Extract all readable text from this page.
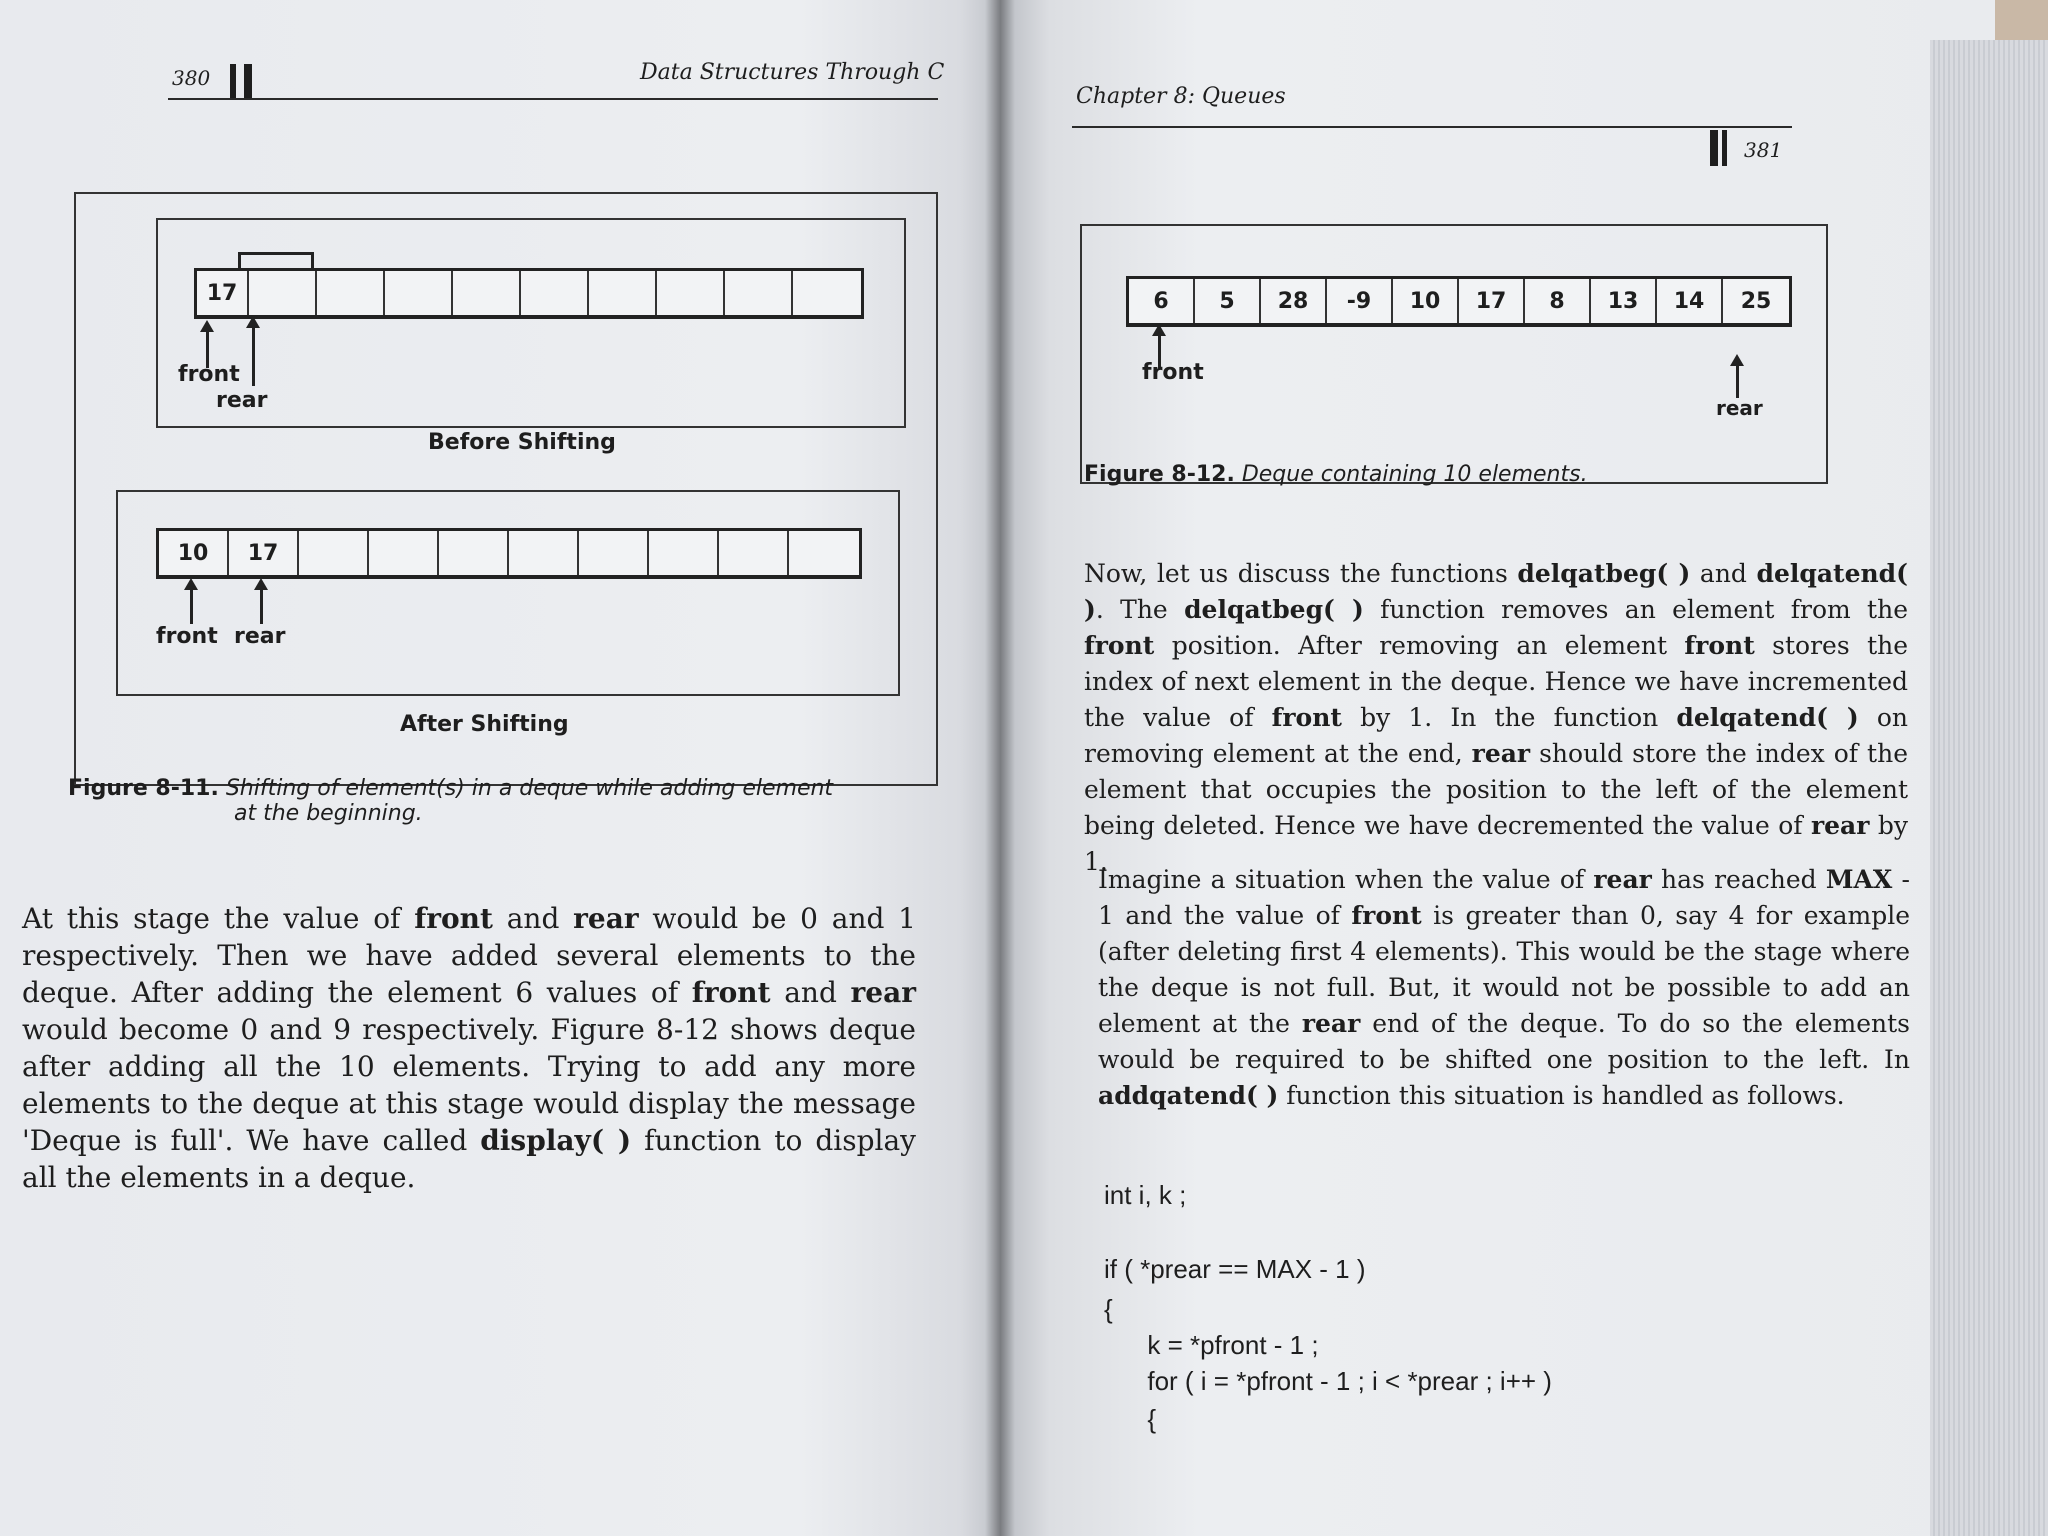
380	Data Structures Through C
17
front
rear
Before Shifting
10	17
front rear
After Shifting
Figure 8-11. Shifting of element(s) in a deque while adding element
at the beginning.
At this stage the value of front and rear would be 0 and 1 respectively. Then we have added several elements to the deque. After adding the element 6 values of front and rear would become 0 and 9 respectively. Figure 8-12 shows deque after adding all the 10 elements. Trying to add any more elements to the deque at this stage would display the message 'Deque is full'. We have called display( ) function to display all the elements in a deque.
Chapter 8: Queues
381
6	5	28	-9	10	17	8	13	14	25
front
rear
Figure 8-12. Deque containing 10 elements.
Now, let us discuss the functions delqatbeg( ) and delqatend( ). The delqatbeg( ) function removes an element from the front position. After removing an element front stores the index of next element in the deque. Hence we have incremented the value of front by 1. In the function delqatend( ) on removing element at the end, rear should store the index of the element that occupies the position to the left of the element being deleted. Hence we have decremented the value of rear by 1.
Imagine a situation when the value of rear has reached MAX - 1 and the value of front is greater than 0, say 4 for example (after deleting first 4 elements). This would be the stage where the deque is not full. But, it would not be possible to add an element at the rear end of the deque. To do so the elements would be required to be shifted one position to the left. In addqatend( ) function this situation is handled as follows.
int i, k ;
if ( *prear == MAX - 1 )
{
k = *pfront - 1 ;
for ( i = *pfront - 1 ; i < *prear ; i++ )
{
